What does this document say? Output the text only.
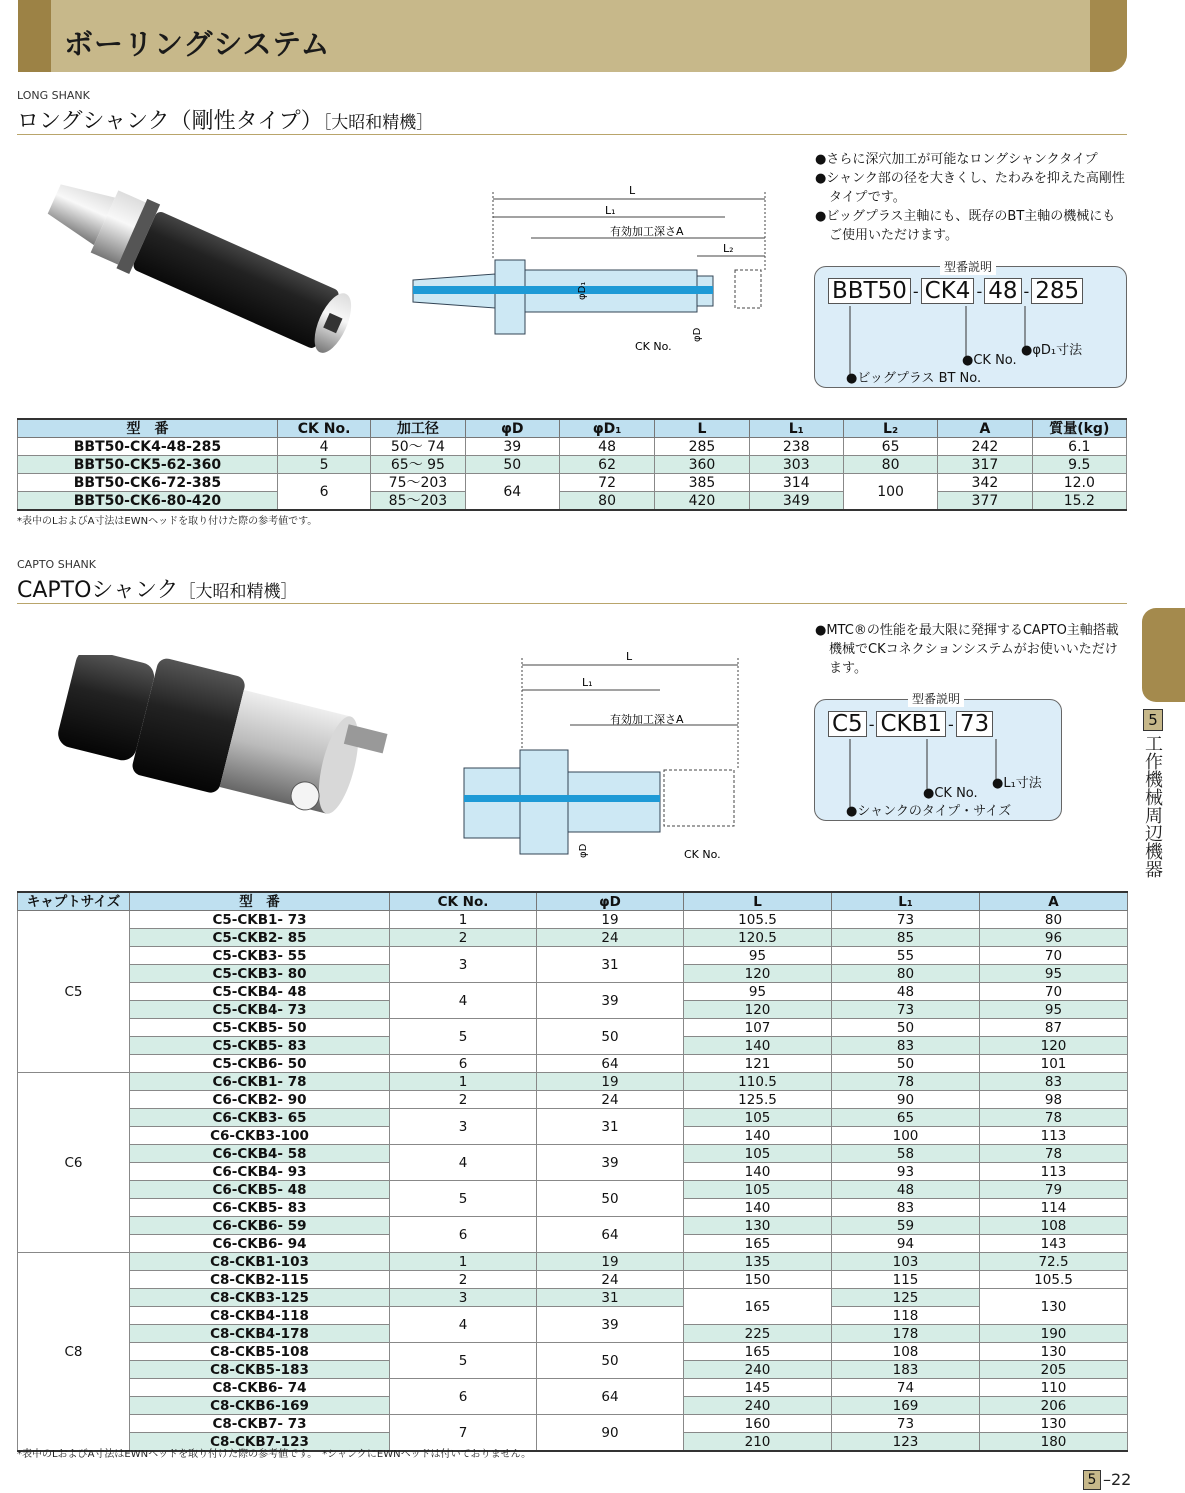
ボーリングシステム
LONG SHANK
ロングシャンク（剛性タイプ）［大昭和精機］
L
L₁
有効加工深さA
L₂
φD₁
φD
CK No.
●さらに深穴加工が可能なロングシャンクタイプ
●シャンク部の径を大きくし、たわみを抑えた高剛性タイプです。
●ビッグプラス主軸にも、既存のBT主軸の機械にもご使用いただけます。
型番説明
BBT50 - CK4 - 48 - 285
●ビッグプラス BT No.
●CK No.
●φD₁寸法
型　番	CK No.	加工径	φD	φD₁	L	L₁	L₂	A	質量(kg)
BBT50-CK4-48-285	4	50～ 74	39	48	285	238	65	242	6.1
BBT50-CK5-62-360	5	65～ 95	50	62	360	303	80	317	9.5
BBT50-CK6-72-385	6	75～203	64	72	385	314	100	342	12.0
BBT50-CK6-80-420		85～203		80	420	349		377	15.2
*表中のLおよびA寸法はEWNヘッドを取り付けた際の参考値です。
CAPTO SHANK
CAPTOシャンク［大昭和精機］
L
L₁
有効加工深さA
φD	CK No.
●MTC®の性能を最大限に発揮するCAPTO主軸搭載機械でCKコネクションシステムがお使いいただけます。
型番説明
C5 - CKB1 - 73
●シャンクのタイプ・サイズ
●CK No.
●L₁寸法
キャプトサイズ	型　番	CK No.	φD	L	L₁	A
C5	C5-CKB1- 73	1	19	105.5	73	80
	C5-CKB2- 85	2	24	120.5	85	96
	C5-CKB3- 55	3	31	95	55	70
	C5-CKB3- 80			120	80	95
	C5-CKB4- 48	4	39	95	48	70
	C5-CKB4- 73			120	73	95
	C5-CKB5- 50	5	50	107	50	87
	C5-CKB5- 83			140	83	120
	C5-CKB6- 50	6	64	121	50	101
C6	C6-CKB1- 78	1	19	110.5	78	83
	C6-CKB2- 90	2	24	125.5	90	98
	C6-CKB3- 65	3	31	105	65	78
	C6-CKB3-100			140	100	113
	C6-CKB4- 58	4	39	105	58	78
	C6-CKB4- 93			140	93	113
	C6-CKB5- 48	5	50	105	48	79
	C6-CKB5- 83			140	83	114
	C6-CKB6- 59	6	64	130	59	108
	C6-CKB6- 94			165	94	143
C8	C8-CKB1-103	1	19	135	103	72.5
	C8-CKB2-115	2	24	150	115	105.5
	C8-CKB3-125	3	31	165	125	130
	C8-CKB4-118	4	39		118	
	C8-CKB4-178			225	178	190
	C8-CKB5-108	5	50	165	108	130
	C8-CKB5-183			240	183	205
	C8-CKB6- 74	6	64	145	74	110
	C8-CKB6-169			240	169	206
	C8-CKB7- 73	7	90	160	73	130
	C8-CKB7-123			210	123	180
*表中のLおよびA寸法はEWNヘッドを取り付けた際の参考値です。　*シャンクにEWNヘッドは付いておりません。
5
工作機械周辺機器
5 –22
